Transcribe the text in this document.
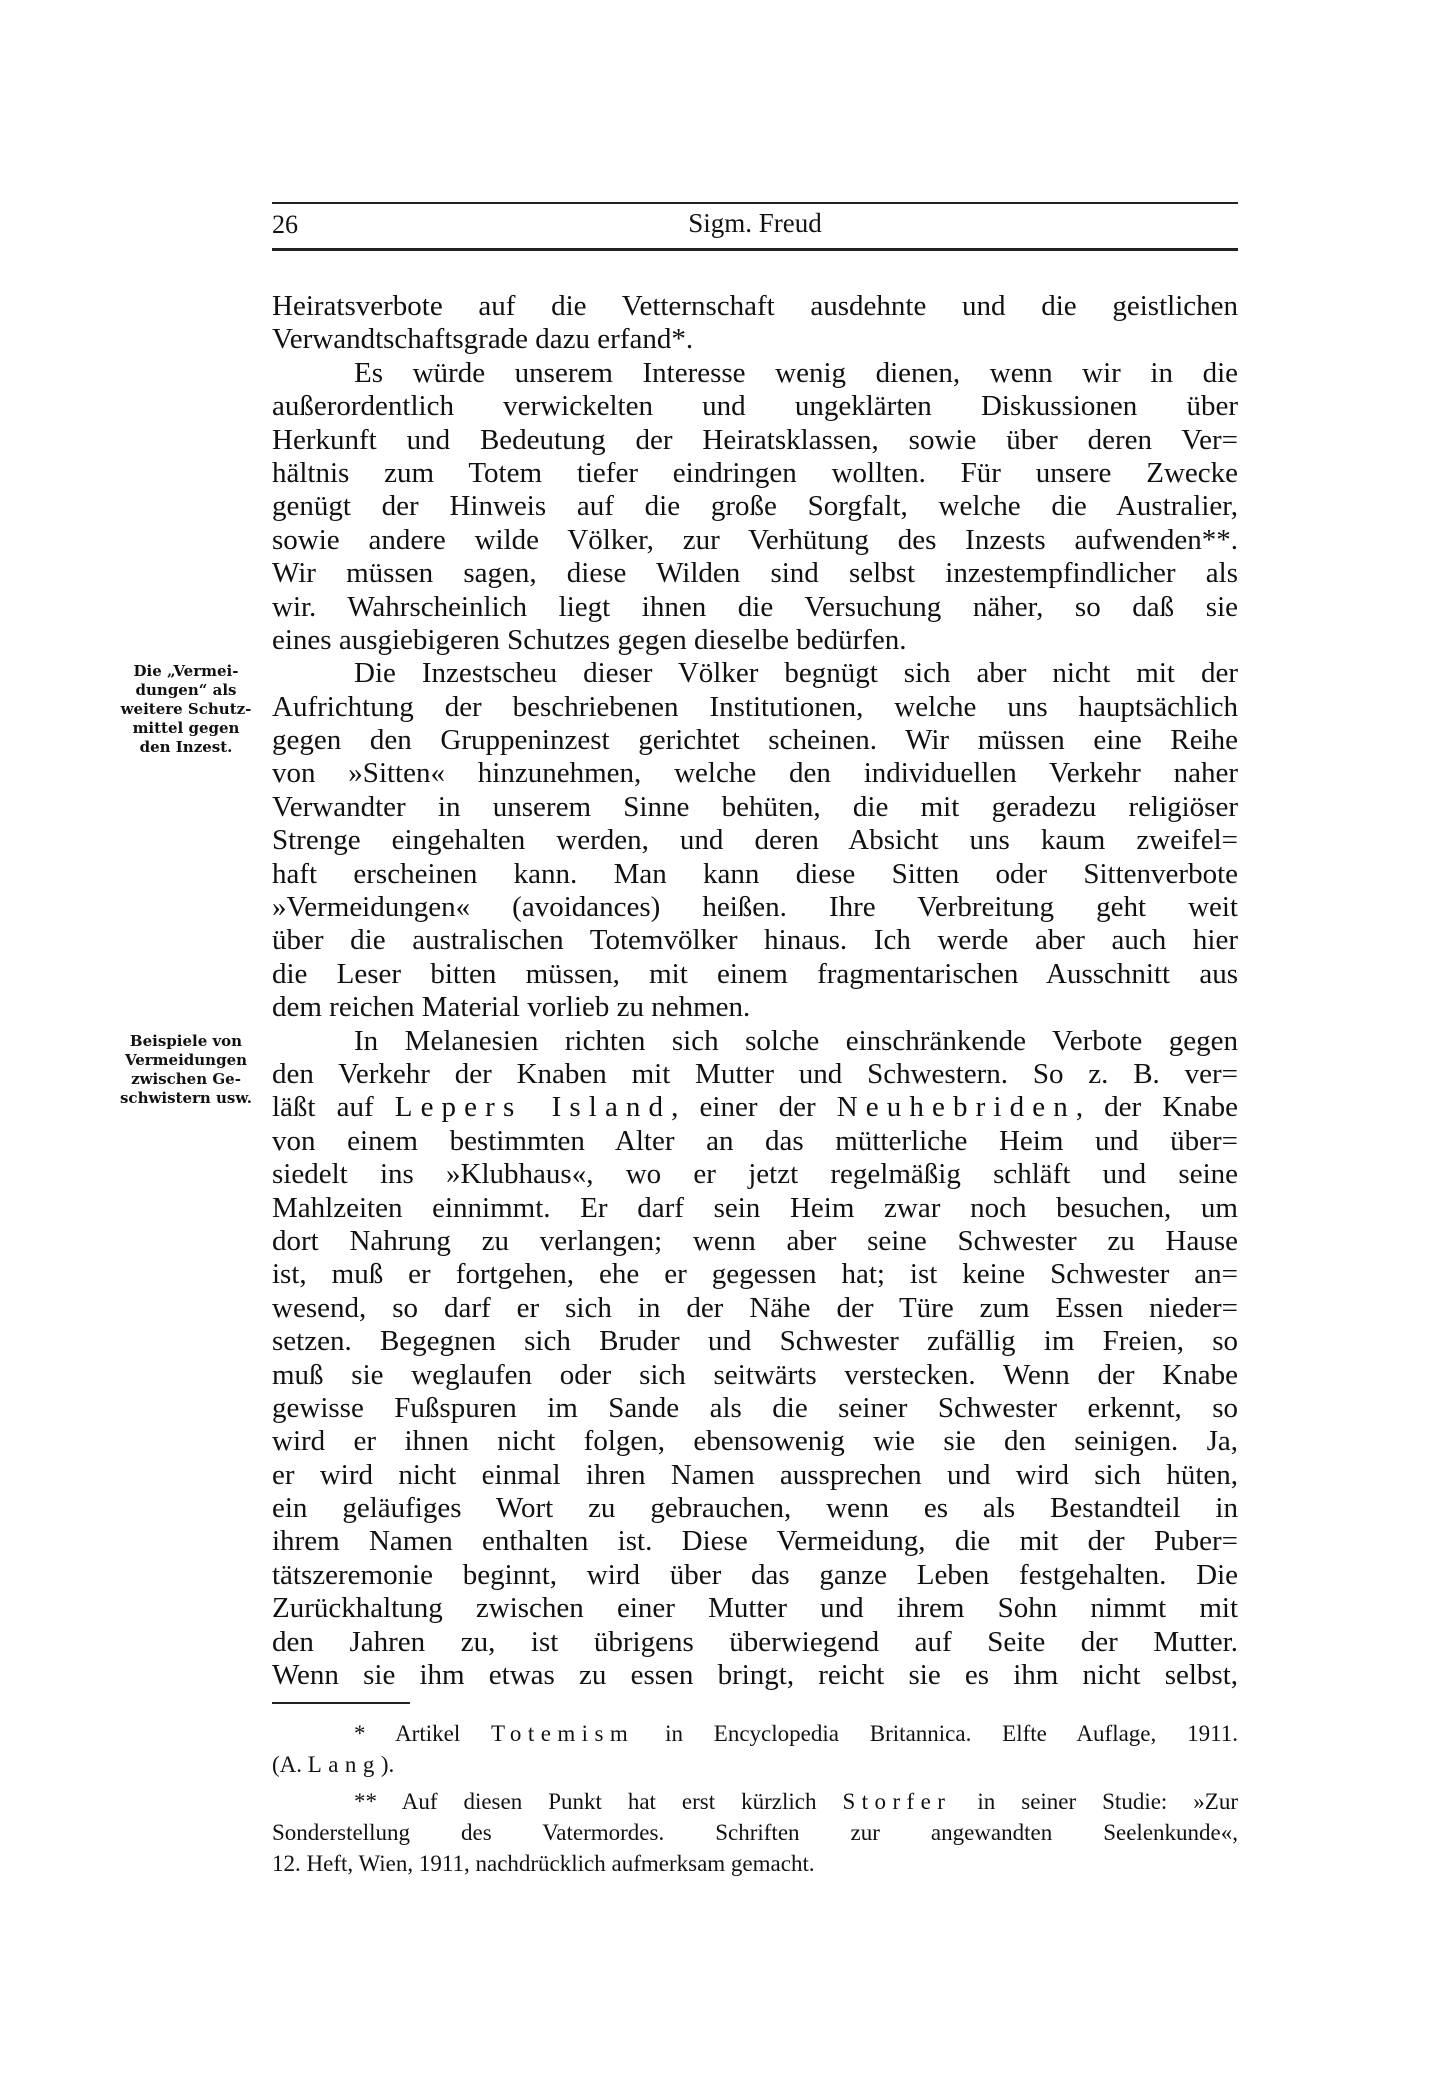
26	Sigm. Freud
Die „Vermei-
dungen“ als
weitere Schutz-
mittel gegen
den Inzest.
Beispiele von
Vermeidungen
zwischen Ge-
schwistern usw.
Heiratsverbote auf die Vetternschaft ausdehnte und die geistlichen
Verwandtschaftsgrade dazu erfand*.
Es würde unserem Interesse wenig dienen, wenn wir in die
außerordentlich verwickelten und ungeklärten Diskussionen über
Herkunft und Bedeutung der Heiratsklassen, sowie über deren Ver=
hältnis zum Totem tiefer eindringen wollten. Für unsere Zwecke
genügt der Hinweis auf die große Sorgfalt, welche die Australier,
sowie andere wilde Völker, zur Verhütung des Inzests aufwenden**.
Wir müssen sagen, diese Wilden sind selbst inzestempfindlicher als
wir. Wahrscheinlich liegt ihnen die Versuchung näher, so daß sie
eines ausgiebigeren Schutzes gegen dieselbe bedürfen.
Die Inzestscheu dieser Völker begnügt sich aber nicht mit der
Aufrichtung der beschriebenen Institutionen, welche uns hauptsächlich
gegen den Gruppeninzest gerichtet scheinen. Wir müssen eine Reihe
von »Sitten« hinzunehmen, welche den individuellen Verkehr naher
Verwandter in unserem Sinne behüten, die mit geradezu religiöser
Strenge eingehalten werden, und deren Absicht uns kaum zweifel=
haft erscheinen kann. Man kann diese Sitten oder Sittenverbote
»Vermeidungen« (avoidances) heißen. Ihre Verbreitung geht weit
über die australischen Totemvölker hinaus. Ich werde aber auch hier
die Leser bitten müssen, mit einem fragmentarischen Ausschnitt aus
dem reichen Material vorlieb zu nehmen.
In Melanesien richten sich solche einschränkende Verbote gegen
den Verkehr der Knaben mit Mutter und Schwestern. So z. B. ver=
läßt auf Lepers Island, einer der Neuhebriden, der Knabe
von einem bestimmten Alter an das mütterliche Heim und über=
siedelt ins »Klubhaus«, wo er jetzt regelmäßig schläft und seine
Mahlzeiten einnimmt. Er darf sein Heim zwar noch besuchen, um
dort Nahrung zu verlangen; wenn aber seine Schwester zu Hause
ist, muß er fortgehen, ehe er gegessen hat; ist keine Schwester an=
wesend, so darf er sich in der Nähe der Türe zum Essen nieder=
setzen. Begegnen sich Bruder und Schwester zufällig im Freien, so
muß sie weglaufen oder sich seitwärts verstecken. Wenn der Knabe
gewisse Fußspuren im Sande als die seiner Schwester erkennt, so
wird er ihnen nicht folgen, ebensowenig wie sie den seinigen. Ja,
er wird nicht einmal ihren Namen aussprechen und wird sich hüten,
ein geläufiges Wort zu gebrauchen, wenn es als Bestandteil in
ihrem Namen enthalten ist. Diese Vermeidung, die mit der Puber=
tätszeremonie beginnt, wird über das ganze Leben festgehalten. Die
Zurückhaltung zwischen einer Mutter und ihrem Sohn nimmt mit
den Jahren zu, ist übrigens überwiegend auf Seite der Mutter.
Wenn sie ihm etwas zu essen bringt, reicht sie es ihm nicht selbst,
* Artikel Totemism in Encyclopedia Britannica. Elfte Auflage, 1911.
(A. Lang).
** Auf diesen Punkt hat erst kürzlich Storfer in seiner Studie: »Zur
Sonderstellung des Vatermordes. Schriften zur angewandten Seelenkunde«,
12. Heft, Wien, 1911, nachdrücklich aufmerksam gemacht.
